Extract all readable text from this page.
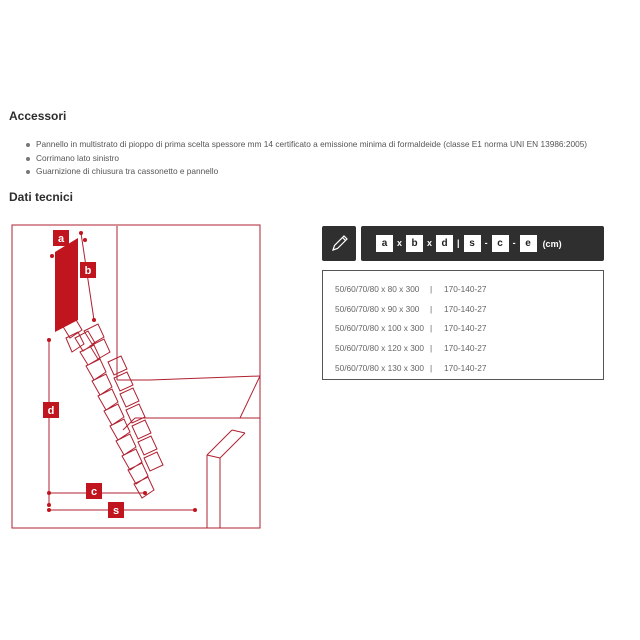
Accessori
Pannello in multistrato di pioppo di prima scelta spessore mm 14 certificato a emissione minima di formaldeide (classe E1 norma UNI EN 13986:2005)
Corrimano lato sinistro
Guarnizione di chiusura tra cassonetto e pannello
Dati tecnici
a
b
d
c
s
a	x b	x d	| s	- c	- e	(cm)
50/60/70/80 x 80 x 300	|	170-140-27
50/60/70/80 x 90 x 300	|	170-140-27
50/60/70/80 x 100 x 300 |	170-140-27
50/60/70/80 x 120 x 300 |	170-140-27
50/60/70/80 x 130 x 300 |	170-140-27
